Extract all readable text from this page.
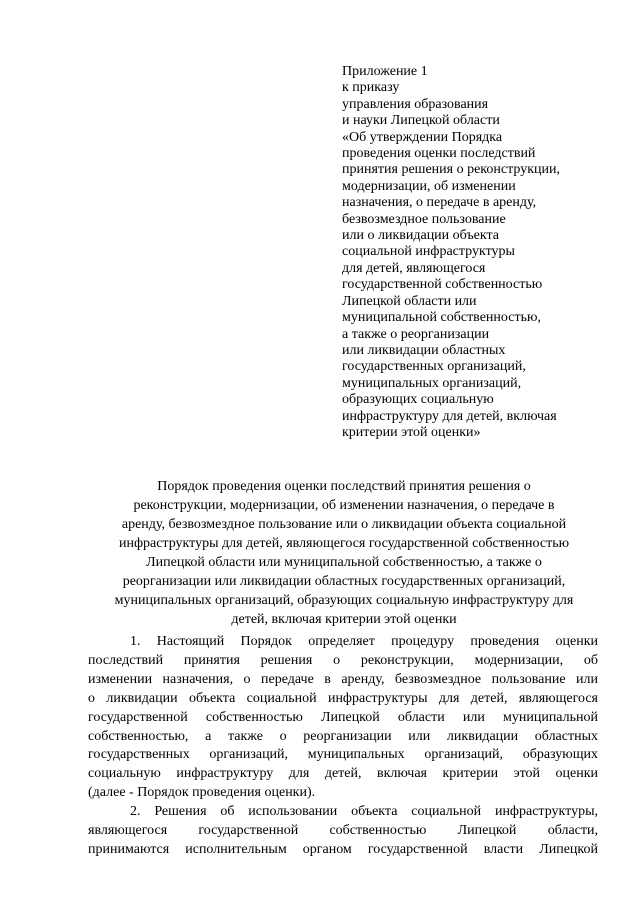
Приложение 1
к приказу
управления образования
и науки Липецкой области
«Об утверждении Порядка
проведения оценки последствий
принятия решения о реконструкции,
модернизации, об изменении
назначения, о передаче в аренду,
безвозмездное пользование
или о ликвидации объекта
социальной инфраструктуры
для детей, являющегося
государственной собственностью
Липецкой области или
муниципальной собственностью,
а также о реорганизации
или ликвидации областных
государственных организаций,
муниципальных организаций,
образующих социальную
инфраструктуру для детей, включая
критерии этой оценки»
Порядок проведения оценки последствий принятия решения о
реконструкции, модернизации, об изменении назначения, о передаче в
аренду, безвозмездное пользование или о ликвидации объекта социальной
инфраструктуры для детей, являющегося государственной собственностью
Липецкой области или муниципальной собственностью, а также о
реорганизации или ликвидации областных государственных организаций,
муниципальных организаций, образующих социальную инфраструктуру для
детей, включая критерии этой оценки
1. Настоящий Порядок определяет процедуру проведения оценки
последствий принятия решения о реконструкции, модернизации, об
изменении назначения, о передаче в аренду, безвозмездное пользование или
о ликвидации объекта социальной инфраструктуры для детей, являющегося
государственной собственностью Липецкой области или муниципальной
собственностью, а также о реорганизации или ликвидации областных
государственных организаций, муниципальных организаций, образующих
социальную инфраструктуру для детей, включая критерии этой оценки
(далее - Порядок проведения оценки).
2. Решения об использовании объекта социальной инфраструктуры,
являющегося государственной собственностью Липецкой области,
принимаются исполнительным органом государственной власти Липецкой
